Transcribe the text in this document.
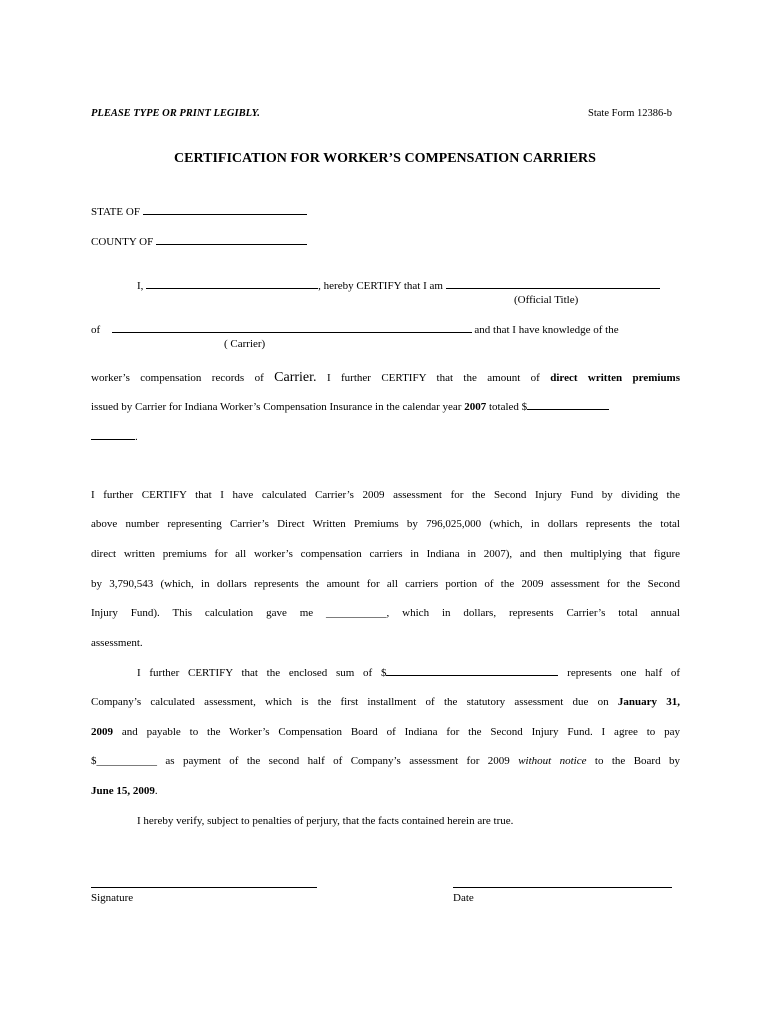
PLEASE TYPE OR PRINT LEGIBLY.	State Form 12386-b
CERTIFICATION FOR WORKER’S COMPENSATION CARRIERS
STATE OF
COUNTY OF
I,	, hereby CERTIFY that I am
(Official Title)
of	and that I have knowledge of the
( Carrier)
worker’s compensation records of Carrier. I further CERTIFY that the amount of direct written premiums
issued by Carrier for Indiana Worker’s Compensation Insurance in the calendar year 2007 totaled $
.
I further CERTIFY that I have calculated Carrier’s 2009 assessment for the Second Injury Fund by dividing the
above number representing Carrier’s Direct Written Premiums by 796,025,000 (which, in dollars represents the total
direct written premiums for all worker’s compensation carriers in Indiana in 2007), and then multiplying that figure
by 3,790,543 (which, in dollars represents the amount for all carriers portion of the 2009 assessment for the Second
Injury Fund). This calculation gave me ___________, which in dollars, represents Carrier’s total annual
assessment.
I further CERTIFY that the enclosed sum of $	represents one half of
Company’s calculated assessment, which is the first installment of the statutory assessment due on January 31,
2009 and payable to the Worker’s Compensation Board of Indiana for the Second Injury Fund. I agree to pay
$___________ as payment of the second half of Company’s assessment for 2009 without notice to the Board by
June 15, 2009.
I hereby verify, subject to penalties of perjury, that the facts contained herein are true.
Signature	Date
